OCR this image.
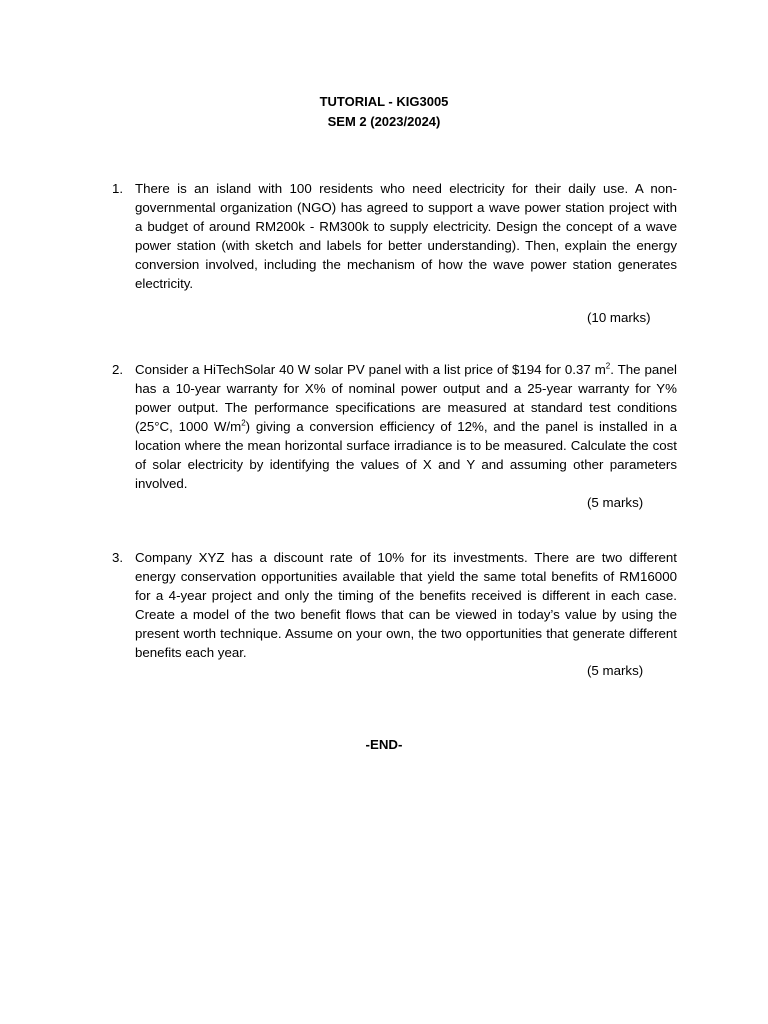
TUTORIAL - KIG3005
SEM 2 (2023/2024)
1. There is an island with 100 residents who need electricity for their daily use. A non-governmental organization (NGO) has agreed to support a wave power station project with a budget of around RM200k - RM300k to supply electricity. Design the concept of a wave power station (with sketch and labels for better understanding). Then, explain the energy conversion involved, including the mechanism of how the wave power station generates electricity.
(10 marks)
2. Consider a HiTechSolar 40 W solar PV panel with a list price of $194 for 0.37 $m^2$. The panel has a 10-year warranty for X% of nominal power output and a 25-year warranty for Y% power output. The performance specifications are measured at standard test conditions (25°C, 1000 $W/m^2$) giving a conversion efficiency of 12%, and the panel is installed in a location where the mean horizontal surface irradiance is to be measured. Calculate the cost of solar electricity by identifying the values of X and Y and assuming other parameters involved.
(5 marks)
3. Company XYZ has a discount rate of 10% for its investments. There are two different energy conservation opportunities available that yield the same total benefits of RM16000 for a 4-year project and only the timing of the benefits received is different in each case. Create a model of the two benefit flows that can be viewed in today’s value by using the present worth technique. Assume on your own, the two opportunities that generate different benefits each year.
(5 marks)
-END-
